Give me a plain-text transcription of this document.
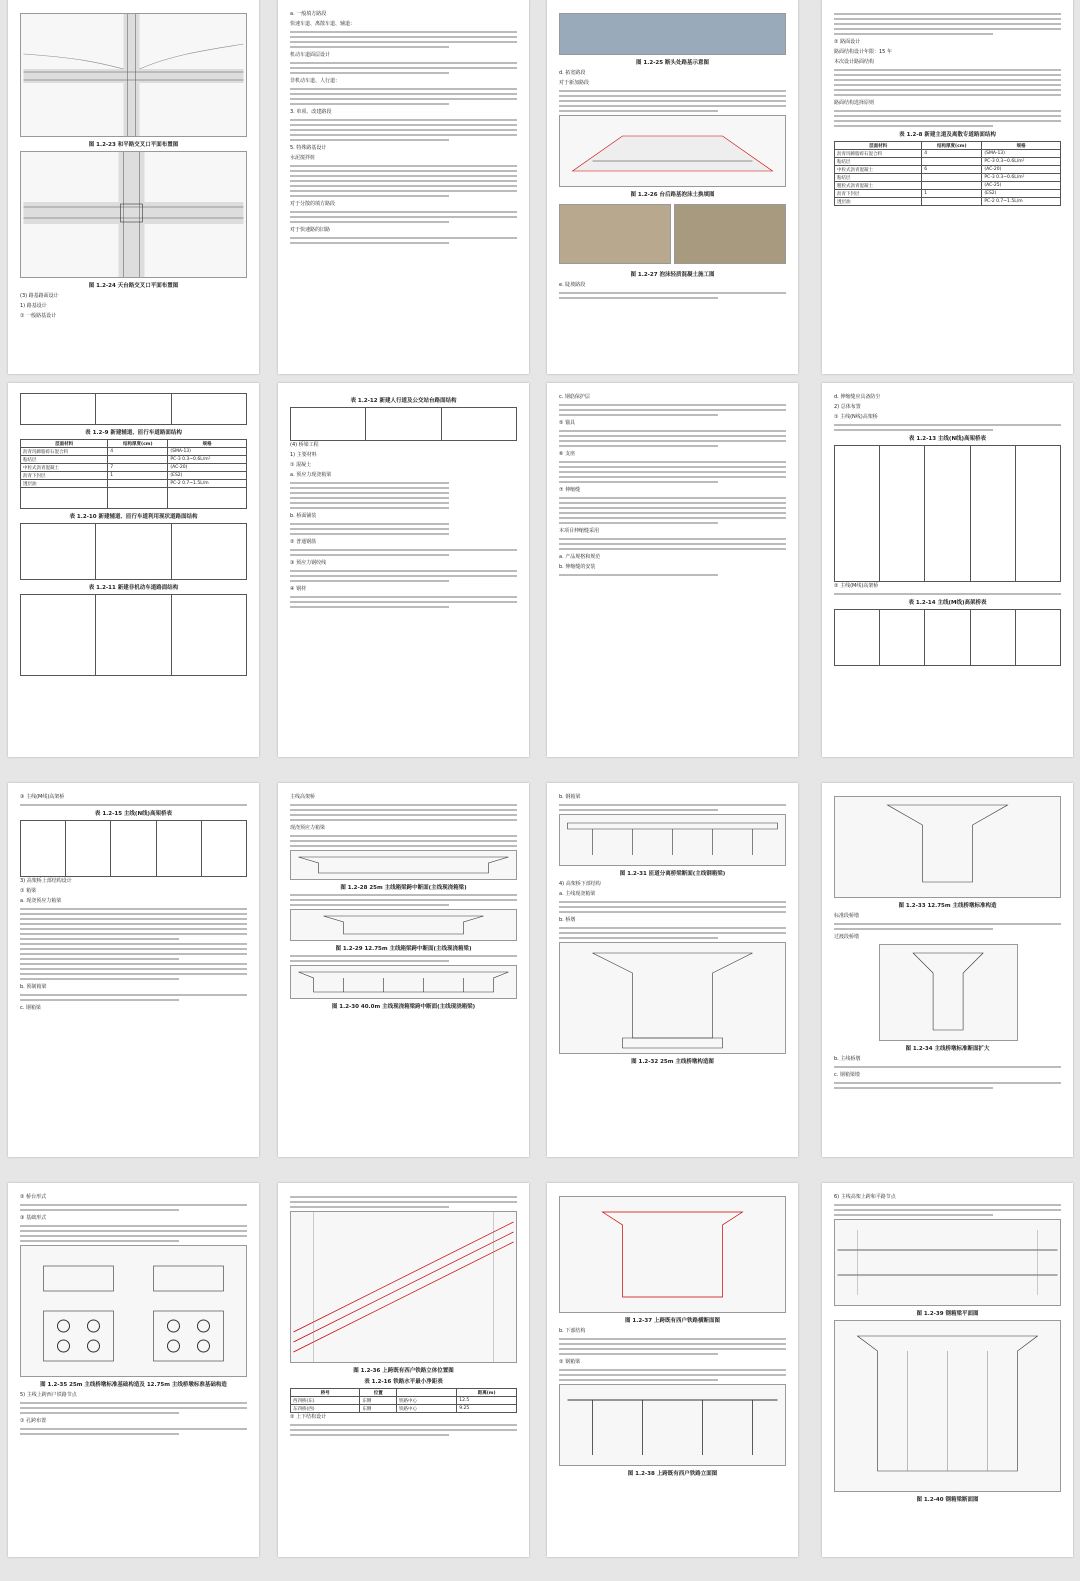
图 1.2-23 和平路交叉口平面布置图
图 1.2-24 天台路交叉口平面布置图
(3) 路基路面设计
1) 路基设计
① 一般路基设计
a. 一般填方路段
快速车道、离散车道、辅道：
机动车道面层设计
非机动车道、人行道：
3. 单项、改建路段
5. 特殊路基设计
水泥搅拌桩
对于分散的填方路段
对于快速路的旧路
图 1.2-25 断头处路基示意图
d. 拓宽路段
对于新加路段
图 1.2-26 台后路基泡沫土换填图
图 1.2-27 泡沫轻质混凝土施工图
e. 陡坡路段
② 路面设计
路面结构设计年限：15 年
本次设计路面结构
路面结构选择原则
表 1.2-8 新建主道及离散专道路面结构
层面材料	结构厚度(cm)	规格
沥青玛蹄脂碎石混合料	4	(SMA-13)
粘结层		PC-3 0.3~0.6L/m²
中粒式沥青混凝土	6	(AC-20)
粘结层		PC-3 0.3~0.6L/m²
粗粒式沥青混凝土		(AC-25)
沥青下封层	1	(ES2)
透层油		PC-2 0.7~1.5L/m

表 1.2-9 新建辅道、匝行车道路面结构
层面材料	结构厚度(cm)	规格
沥青玛蹄脂碎石混合料	4	(SMA-13)
粘结层		PC-3 0.3~0.6L/m²
中粒式沥青混凝土	7	(AC-20)
沥青下封层	1	(ES2)
透层油		PC-2 0.7~1.5L/m

表 1.2-10 新建辅道、匝行车道利用现状道路面结构

表 1.2-11 新建非机动车道路面结构

表 1.2-12 新建人行道及公交站台路面结构

(4) 桥梁工程
1) 主要材料
① 混凝土
a. 预应力现浇箱梁
b. 桥面铺装
② 普通钢筋
③ 预应力钢绞线
④ 钢材
c. 钢筋保护层
⑤ 锚具
⑥ 支座
⑦ 伸缩缝
本项目伸缩缝采用
a. 产品规格和规范
b. 伸缩缝的安装
d. 伸缩缝应具备防尘
2) 总体布置
① 主线(N线)高架桥
表 1.2-13 主线(N线)高架桥表

② 主线(M线)高架桥
表 1.2-14 主线(M线)高架桥表

③ 主线(M线)高架桥
表 1.2-15 主线(N线)高架桥表

3) 高架桥上部结构设计
① 箱梁
a. 现浇预应力箱梁
b. 预制箱梁
c. 钢箱梁
主线高架桥
现浇预应力箱梁
图 1.2-28 25m 主线箱梁跨中断面(主线现浇箱梁)
图 1.2-29 12.75m 主线箱梁跨中断面(主线现浇箱梁)
图 1.2-30 40.0m 主线现浇箱梁跨中断面(主线现浇箱梁)
b. 钢箱梁
图 1.2-31 匝道分离桥梁断面(主线钢箱梁)
4) 高架桥下部结构
a. 主线现浇箱梁
b. 桥墩
图 1.2-32 25m 主线桥墩构造图
图 1.2-33 12.75m 主线桥墩标准构造
标准段桥墩
过渡段桥墩
图 1.2-34 主线桥墩标准断面扩大
b. 主线桥墩
c. 钢箱梁墩
② 桥台形式
③ 基础形式
图 1.2-35 25m 主线桥墩标准基础构造及 12.75m 主线桥墩标准基础构造
5) 主线上跨西户铁路节点
① 孔跨布置
图 1.2-36 上跨既有西户铁路立体位置图
表 1.2-16 铁路水平最小净距表
桥号	位置		距离(m)
西四桥(东)	东侧	铁路中心	12.5
东四桥(西)	东侧	铁路中心	9.25
② 上下结构设计
图 1.2-37 上跨既有西户铁路横断面图
b. 下部结构
② 钢箱梁
图 1.2-38 上跨既有西户铁路立面图
6) 主线高架上跨和平路节点
图 1.2-39 钢箱梁平面图
图 1.2-40 钢箱梁断面图
